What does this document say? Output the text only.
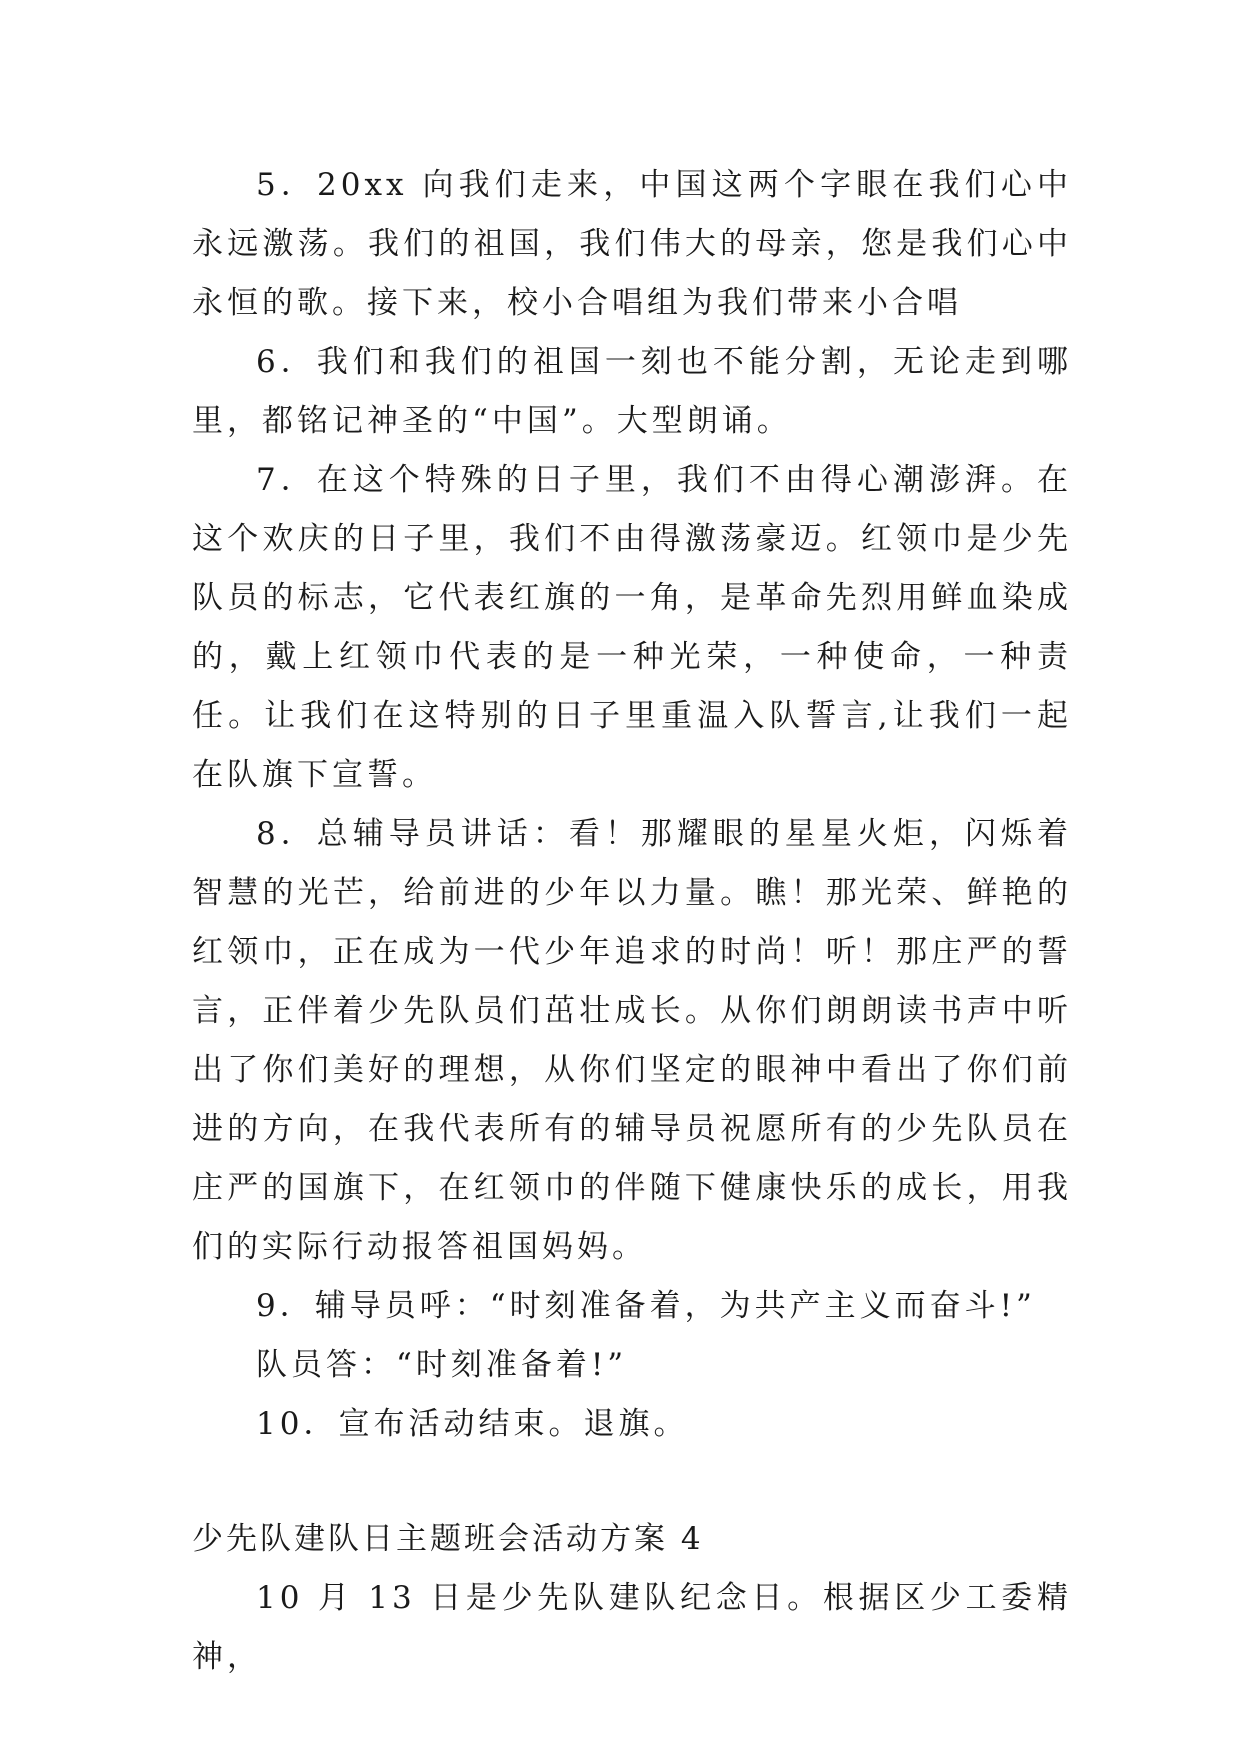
5．20xx 向我们走来，中国这两个字眼在我们心中永远激荡。我们的祖国，我们伟大的母亲，您是我们心中永恒的歌。接下来，校小合唱组为我们带来小合唱

6．我们和我们的祖国一刻也不能分割，无论走到哪里，都铭记神圣的“中国”。大型朗诵。

7．在这个特殊的日子里，我们不由得心潮澎湃。在这个欢庆的日子里，我们不由得激荡豪迈。红领巾是少先队员的标志，它代表红旗的一角，是革命先烈用鲜血染成的，戴上红领巾代表的是一种光荣，一种使命，一种责任。让我们在这特别的日子里重温入队誓言,让我们一起在队旗下宣誓。

8．总辅导员讲话：看！那耀眼的星星火炬，闪烁着智慧的光芒，给前进的少年以力量。瞧！那光荣、鲜艳的红领巾，正在成为一代少年追求的时尚！听！那庄严的誓言，正伴着少先队员们茁壮成长。从你们朗朗读书声中听出了你们美好的理想，从你们坚定的眼神中看出了你们前进的方向，在我代表所有的辅导员祝愿所有的少先队员在庄严的国旗下，在红领巾的伴随下健康快乐的成长，用我们的实际行动报答祖国妈妈。

9．辅导员呼：“时刻准备着，为共产主义而奋斗!”

队员答：“时刻准备着!”

10．宣布活动结束。退旗。

少先队建队日主题班会活动方案 4

10 月 13 日是少先队建队纪念日。根据区少工委精神，
